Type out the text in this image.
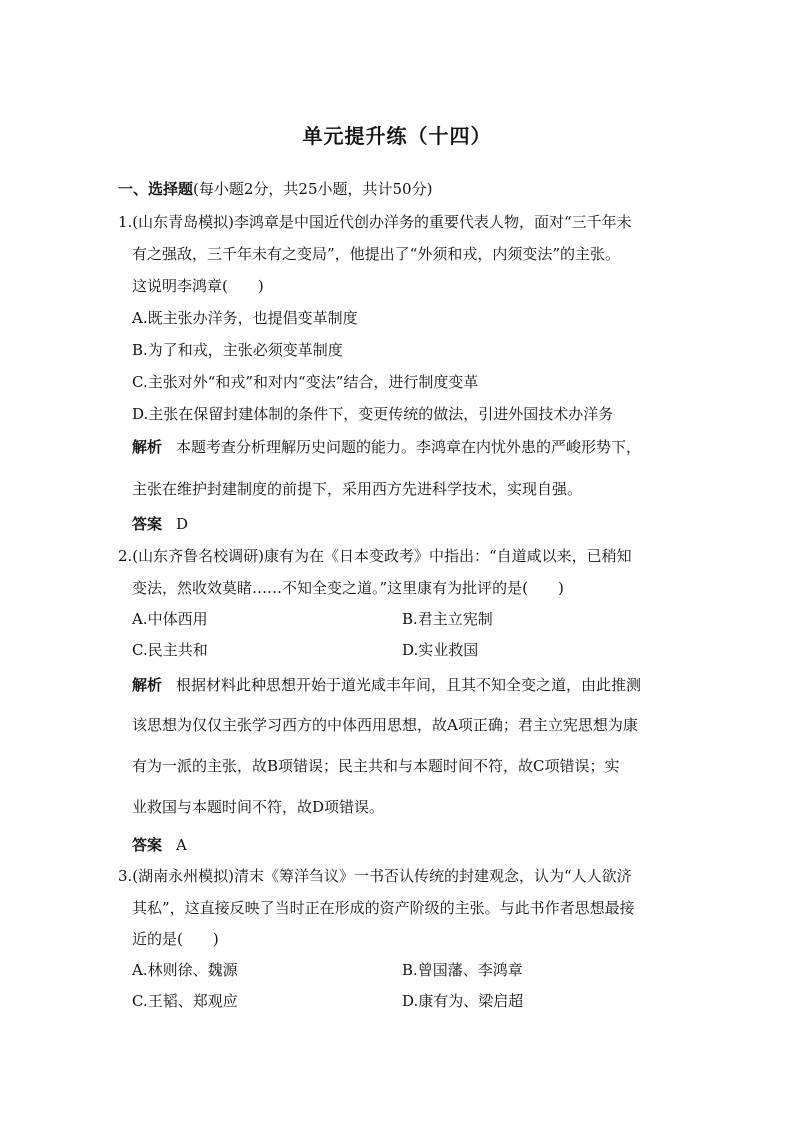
单元提升练（十四）
一、选择题(每小题2分，共25小题，共计50分)
1.(山东青岛模拟)李鸿章是中国近代创办洋务的重要代表人物，面对“三千年未
有之强敌，三千年未有之变局”，他提出了“外须和戎，内须变法”的主张。
这说明李鸿章(　　)
A.既主张办洋务，也提倡变革制度
B.为了和戎，主张必须变革制度
C.主张对外“和戎”和对内“变法”结合，进行制度变革
D.主张在保留封建体制的条件下，变更传统的做法，引进外国技术办洋务
解析 本题考查分析理解历史问题的能力。李鸿章在内忧外患的严峻形势下，
主张在维护封建制度的前提下，采用西方先进科学技术，实现自强。
答案 D
2.(山东齐鲁名校调研)康有为在《日本变政考》中指出：“自道咸以来，已稍知
变法，然收效莫睹……不知全变之道。”这里康有为批评的是(　　)
A.中体西用	B.君主立宪制
C.民主共和	D.实业救国
解析 根据材料此种思想开始于道光咸丰年间，且其不知全变之道，由此推测
该思想为仅仅主张学习西方的中体西用思想，故A项正确；君主立宪思想为康
有为一派的主张，故B项错误；民主共和与本题时间不符，故C项错误；实
业救国与本题时间不符，故D项错误。
答案 A
3.(湖南永州模拟)清末《筹洋刍议》一书否认传统的封建观念，认为“人人欲济
其私”，这直接反映了当时正在形成的资产阶级的主张。与此书作者思想最接
近的是(　　)
A.林则徐、魏源	B.曾国藩、李鸿章
C.王韬、郑观应	D.康有为、梁启超
